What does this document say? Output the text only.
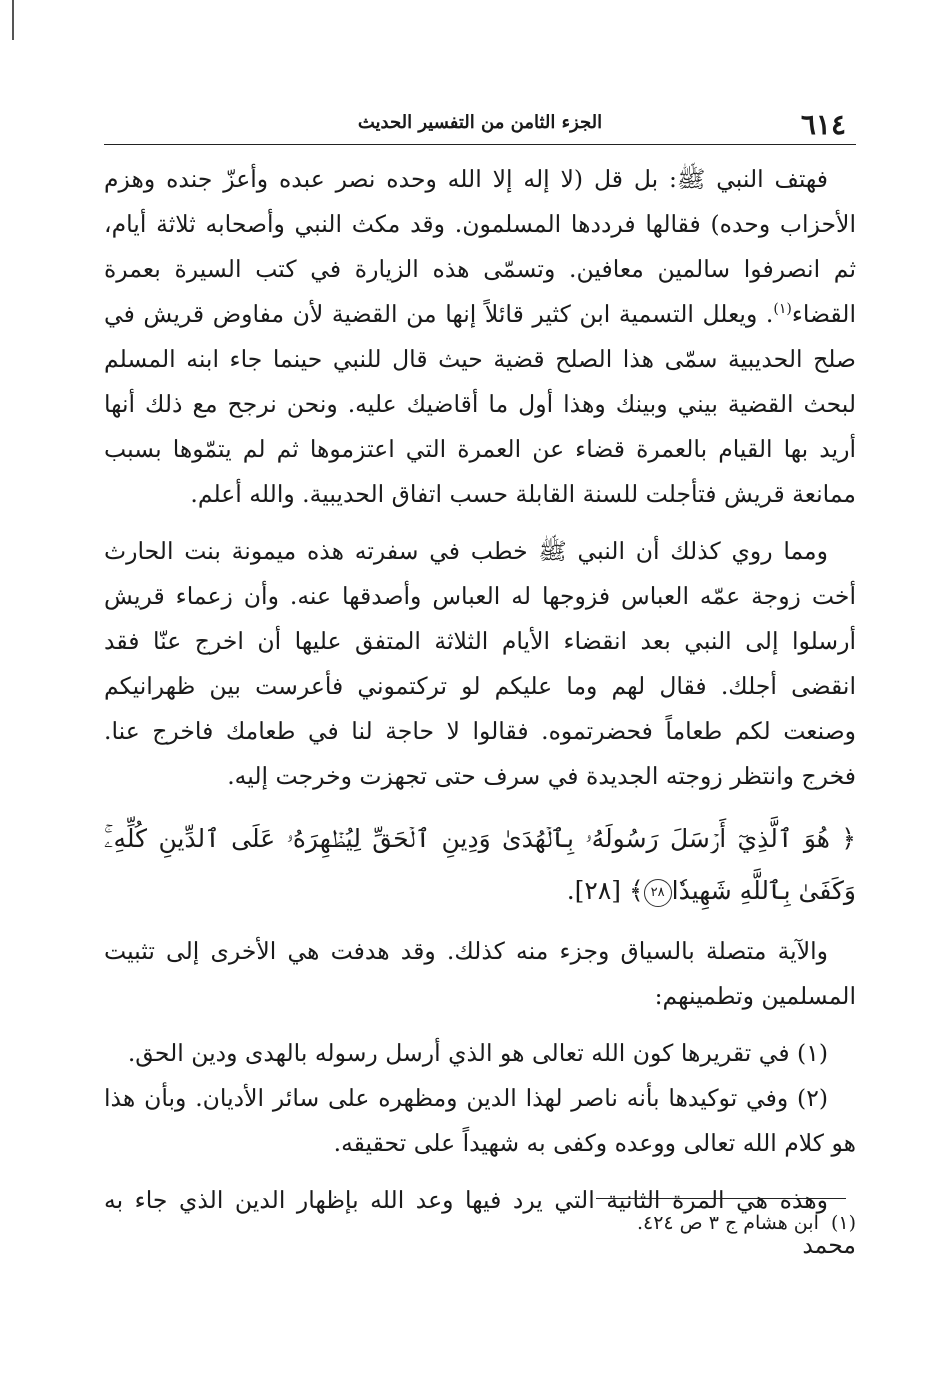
٦١٤
الجزء الثامن من التفسير الحديث

فهتف النبي ﷺ: بل قل (لا إله إلا الله وحده نصر عبده وأعزّ جنده وهزم الأحزاب وحده) فقالها فرددها المسلمون. وقد مكث النبي وأصحابه ثلاثة أيام، ثم انصرفوا سالمين معافين. وتسمّى هذه الزيارة في كتب السيرة بعمرة القضاء$^{(١)}$. ويعلل التسمية ابن كثير قائلاً إنها من القضية لأن مفاوض قريش في صلح الحديبية سمّى هذا الصلح قضية حيث قال للنبي حينما جاء ابنه المسلم لبحث القضية بيني وبينك وهذا أول ما أقاضيك عليه. ونحن نرجح مع ذلك أنها أريد بها القيام بالعمرة قضاء عن العمرة التي اعتزموها ثم لم يتمّوها بسبب ممانعة قريش فتأجلت للسنة القابلة حسب اتفاق الحديبية. والله أعلم.

ومما روي كذلك أن النبي ﷺ خطب في سفرته هذه ميمونة بنت الحارث أخت زوجة عمّه العباس فزوجها له العباس وأصدقها عنه. وأن زعماء قريش أرسلوا إلى النبي بعد انقضاء الأيام الثلاثة المتفق عليها أن اخرج عنّا فقد انقضى أجلك. فقال لهم وما عليكم لو تركتموني فأعرست بين ظهرانيكم وصنعت لكم طعاماً فحضرتموه. فقالوا لا حاجة لنا في طعامك فاخرج عنا. فخرج وانتظر زوجته الجديدة في سرف حتى تجهزت وخرجت إليه.

﴿ هُوَ ٱلَّذِيٓ أَرۡسَلَ رَسُولَهُۥ بِٱلۡهُدَىٰ وَدِينِ ٱلۡحَقِّ لِيُظۡهِرَهُۥ عَلَى ٱلدِّينِ كُلِّهِۦۚ وَكَفَىٰ بِٱللَّهِ شَهِيدٗا٢٨﴾ [٢٨].

والآية متصلة بالسياق وجزء منه كذلك. وقد هدفت هي الأخرى إلى تثبيت المسلمين وتطمينهم:

(١) في تقريرها كون الله تعالى هو الذي أرسل رسوله بالهدى ودين الحق.

(٢) وفي توكيدها بأنه ناصر لهذا الدين ومظهره على سائر الأديان. وبأن هذا هو كلام الله تعالى ووعده وكفى به شهيداً على تحقيقه.

وهذه هي المرة الثانية التي يرد فيها وعد الله بإظهار الدين الذي جاء به محمد

(١)  ابن هشام ج ٣ ص ٤٢٤.
